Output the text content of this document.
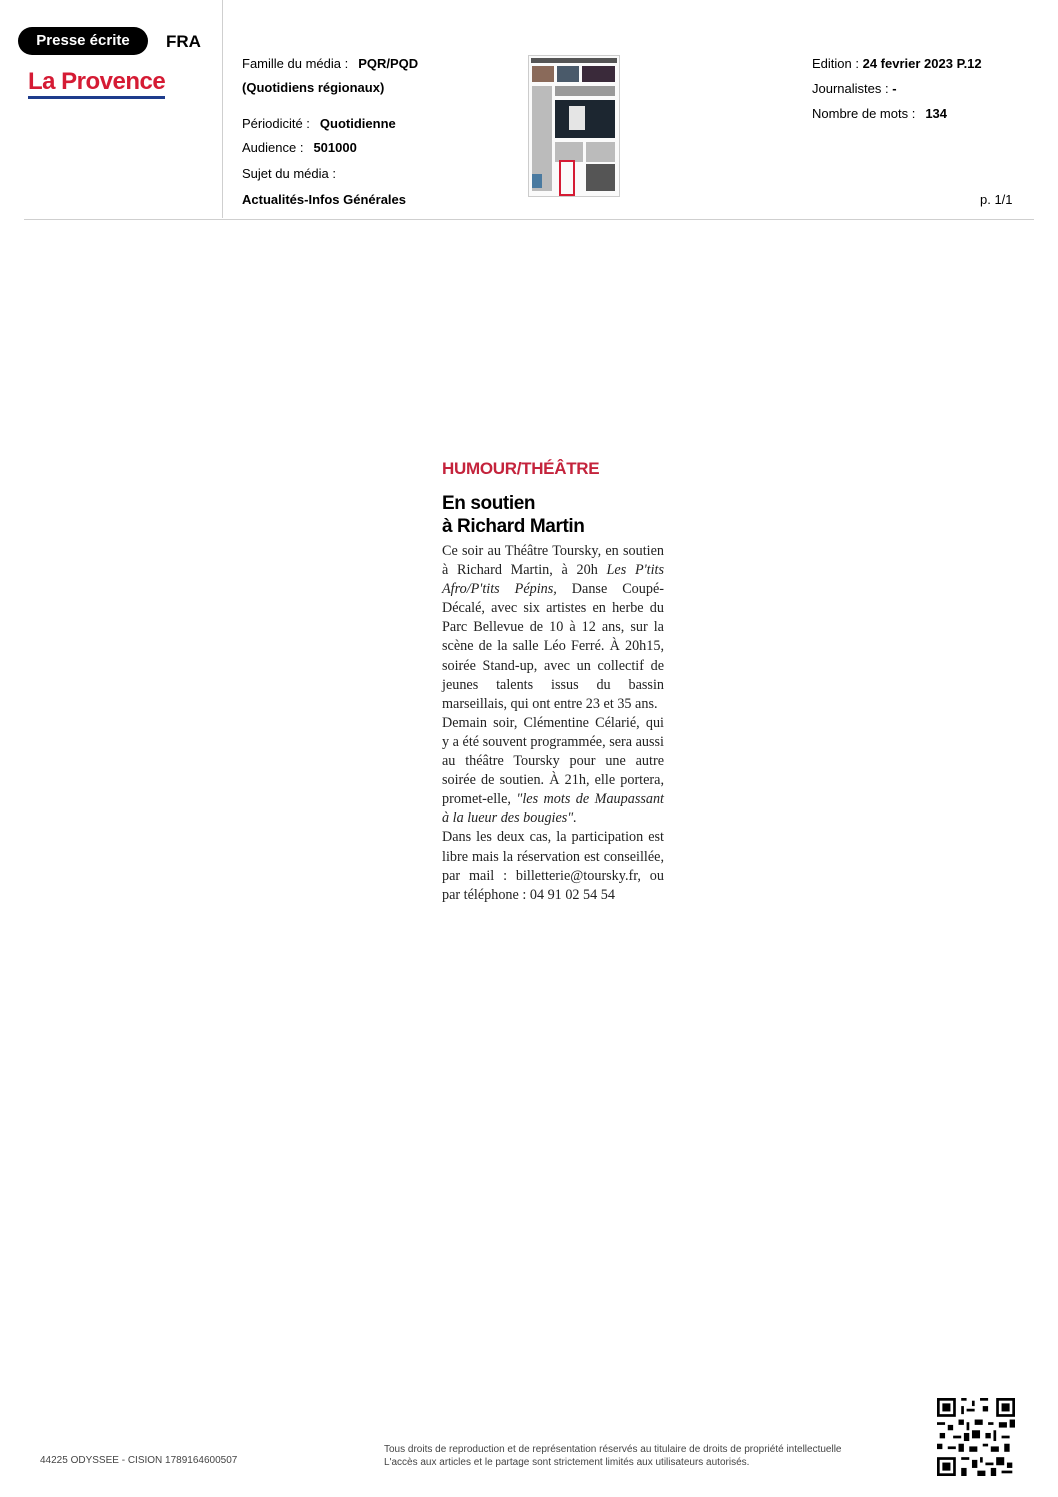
Presse écrite	FRA
La Provence
Famille du média : PQR/PQD
(Quotidiens régionaux)
Périodicité : Quotidienne
Audience : 501000
Sujet du média :
Actualités-Infos Générales
Edition : 24 fevrier 2023 P.12
Journalistes : -
Nombre de mots : 134
p. 1/1
HUMOUR/THÉÂTRE
En soutien
à Richard Martin

Ce soir au Théâtre Toursky, en soutien à Richard Martin, à 20h Les P'tits Afro/P'tits Pépins, Danse Coupé-Décalé, avec six artistes en herbe du Parc Bellevue de 10 à 12 ans, sur la scène de la salle Léo Ferré. À 20h15, soirée Stand-up, avec un collectif de jeunes talents issus du bassin marseillais, qui ont entre 23 et 35 ans.

Demain soir, Clémentine Célarié, qui y a été souvent programmée, sera aussi au théâtre Toursky pour une autre soirée de soutien. À 21h, elle portera, promet-elle, "les mots de Maupassant à la lueur des bougies".

Dans les deux cas, la participation est libre mais la réservation est conseillée, par mail : billetterie@toursky.fr, ou par téléphone : 04 91 02 54 54

44225 ODYSSEE - CISION 1789164600507
Tous droits de reproduction et de représentation réservés au titulaire de droits de propriété intellectuelle
L'accès aux articles et le partage sont strictement limités aux utilisateurs autorisés.
